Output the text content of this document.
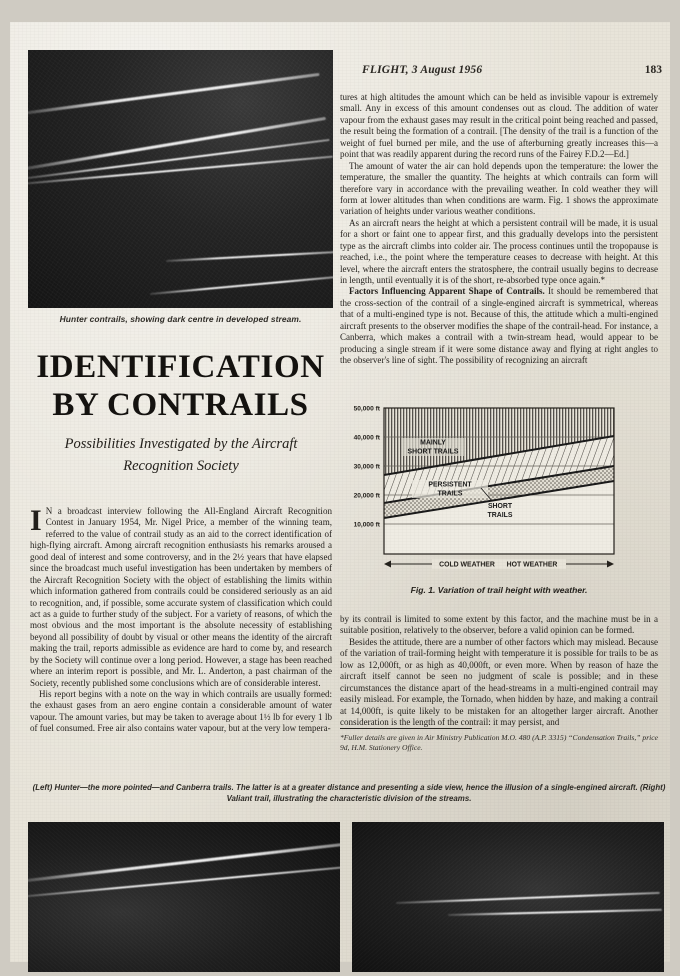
FLIGHT, 3 August 1956	183
Hunter contrails, showing dark centre in developed stream.
IDENTIFICATION
BY CONTRAILS
Possibilities Investigated by the Aircraft Recognition Society

I N a broadcast interview following the All-England Aircraft Recognition Contest in January 1954, Mr. Nigel Price, a member of the winning team, referred to the value of contrail study as an aid to the correct identification of high-flying aircraft. Among aircraft recognition enthusiasts his remarks aroused a good deal of interest and some controversy, and in the 2½ years that have elapsed since the broadcast much useful investigation has been undertaken by members of the Aircraft Recognition Society with the object of establishing the limits within which information gathered from contrails could be considered seriously as an aid to recognition, and, if possible, some accurate system of classification which could act as a guide to further study of the subject. For a variety of reasons, of which the most obvious and the most important is the absolute necessity of establishing beyond all possibility of doubt by visual or other means the identity of the aircraft making the trail, reports admissible as evidence are hard to come by, and research by the Society will continue over a long period. However, a stage has been reached where an interim report is possible, and Mr. L. Anderton, a past chairman of the Society, recently published some conclusions which are of considerable interest.

His report begins with a note on the way in which contrails are usually formed: the exhaust gases from an aero engine contain a considerable amount of water vapour. The amount varies, but may be taken to average about 1½ lb for every 1 lb of fuel consumed. Free air also contains water vapour, but at the very low tempera-

tures at high altitudes the amount which can be held as invisible vapour is extremely small. Any in excess of this amount condenses out as cloud. The addition of water vapour from the exhaust gases may result in the critical point being reached and passed, the result being the formation of a contrail. [The density of the trail is a function of the weight of fuel burned per mile, and the use of afterburning greatly increases this—a point that was readily apparent during the record runs of the Fairey F.D.2—Ed.]

The amount of water the air can hold depends upon the temperature: the lower the temperature, the smaller the quantity. The heights at which contrails can form will therefore vary in accordance with the prevailing weather. In cold weather they will form at lower altitudes than when conditions are warm. Fig. 1 shows the approximate variation of heights under various weather conditions.

As an aircraft nears the height at which a persistent contrail will be made, it is usual for a short or faint one to appear first, and this gradually develops into the persistent type as the aircraft climbs into colder air. The process continues until the tropopause is reached, i.e., the point where the temperature ceases to decrease with height. At this level, where the aircraft enters the stratosphere, the contrail usually begins to decrease in length, until eventually it is of the short, re-absorbed type once again.*

Factors Influencing Apparent Shape of Contrails. It should be remembered that the cross-section of the contrail of a single-engined aircraft is symmetrical, whereas that of a multi-engined type is not. Because of this, the attitude which a multi-engined aircraft presents to the observer modifies the shape of the contrail-head. For instance, a Canberra, which makes a contrail with a twin-stream head, would appear to be producing a single stream if it were some distance away and flying at right angles to the observer's line of sight. The possibility of recognizing an aircraft

50,000 ft
40,000 ft
30,000 ft
20,000 ft
10,000 ft
MAINLY
SHORT TRAILS
PERSISTENT
TRAILS
SHORT
TRAILS
COLD WEATHER HOT WEATHER
Fig. 1. Variation of trail height with weather.

by its contrail is limited to some extent by this factor, and the machine must be in a suitable position, relatively to the observer, before a valid opinion can be formed.

Besides the attitude, there are a number of other factors which may mislead. Because of the variation of trail-forming height with temperature it is possible for trails to be as low as 12,000ft, or as high as 40,000ft, or even more. When by reason of haze the aircraft itself cannot be seen no judgment of scale is possible; and in these circumstances the distance apart of the head-streams in a multi-engined contrail may easily mislead. For example, the Tornado, when hidden by haze, and making a contrail at 14,000ft, is quite likely to be mistaken for an altogether larger aircraft. Another consideration is the length of the contrail: it may persist, and

*Fuller details are given in Air Ministry Publication M.O. 480 (A.P. 3315) “Condensation Trails,” price 9d, H.M. Stationery Office.
(Left) Hunter—the more pointed—and Canberra trails. The latter is at a greater distance and presenting a side view, hence the illusion of a single-engined aircraft. (Right) Valiant trail, illustrating the characteristic division of the streams.
